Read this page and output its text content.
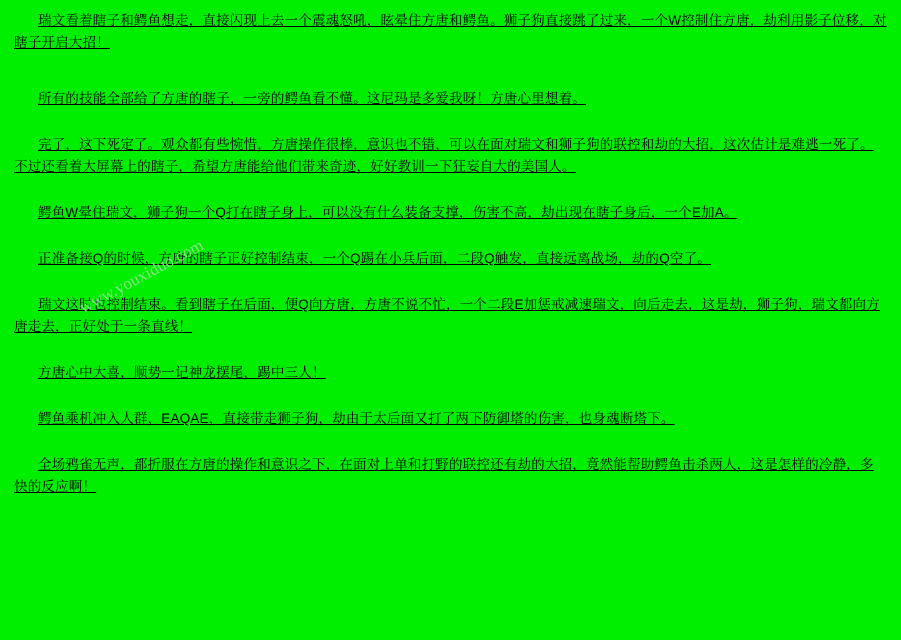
瑞文看着瞎子和鳄鱼想走，直接闪现上去一个震魂怒吼，眩晕住方唐和鳄鱼。狮子狗直接跳了过来，一个W控制住方唐，劫利用影子位移，对瞎子开启大招！

所有的技能全部给了方唐的瞎子，一旁的鳄鱼看不懂。这尼玛是多爱我呀！方唐心里想着。

完了，这下死定了。观众都有些惋惜，方唐操作很棒，意识也不错，可以在面对瑞文和狮子狗的联控和劫的大招，这次估计是难逃一死了。不过还看着大屏幕上的瞎子，希望方唐能给他们带来奇迹，好好教训一下狂妄自大的美国人。

鳄鱼W晕住瑞文，狮子狗一个Q打在瞎子身上，可以没有什么装备支撑，伤害不高，劫出现在瞎子身后，一个E加A。

正准备接Q的时候，方唐的瞎子正好控制结束，一个Q踢在小兵后面，二段Q触发，直接远离战场，劫的Q空了。

瑞文这时也控制结束。看到瞎子在后面，便Q向方唐，方唐不说不忙，一个二段E加惩戒减速瑞文，向后走去，这是劫，狮子狗，瑞文都向方唐走去，正好处于一条直线！

方唐心中大喜，顺势一记神龙摆尾，踢中三人！

鳄鱼乘机冲入人群，EAQAE，直接带走狮子狗，劫由于太后面又打了两下防御塔的伤害，也身魂断塔下。

全场鸦雀无声，都折服在方唐的操作和意识之下，在面对上单和打野的联控还有劫的大招，竟然能帮助鳄鱼击杀两人，这是怎样的冷静，多快的反应啊！

www.youxiduo.com
